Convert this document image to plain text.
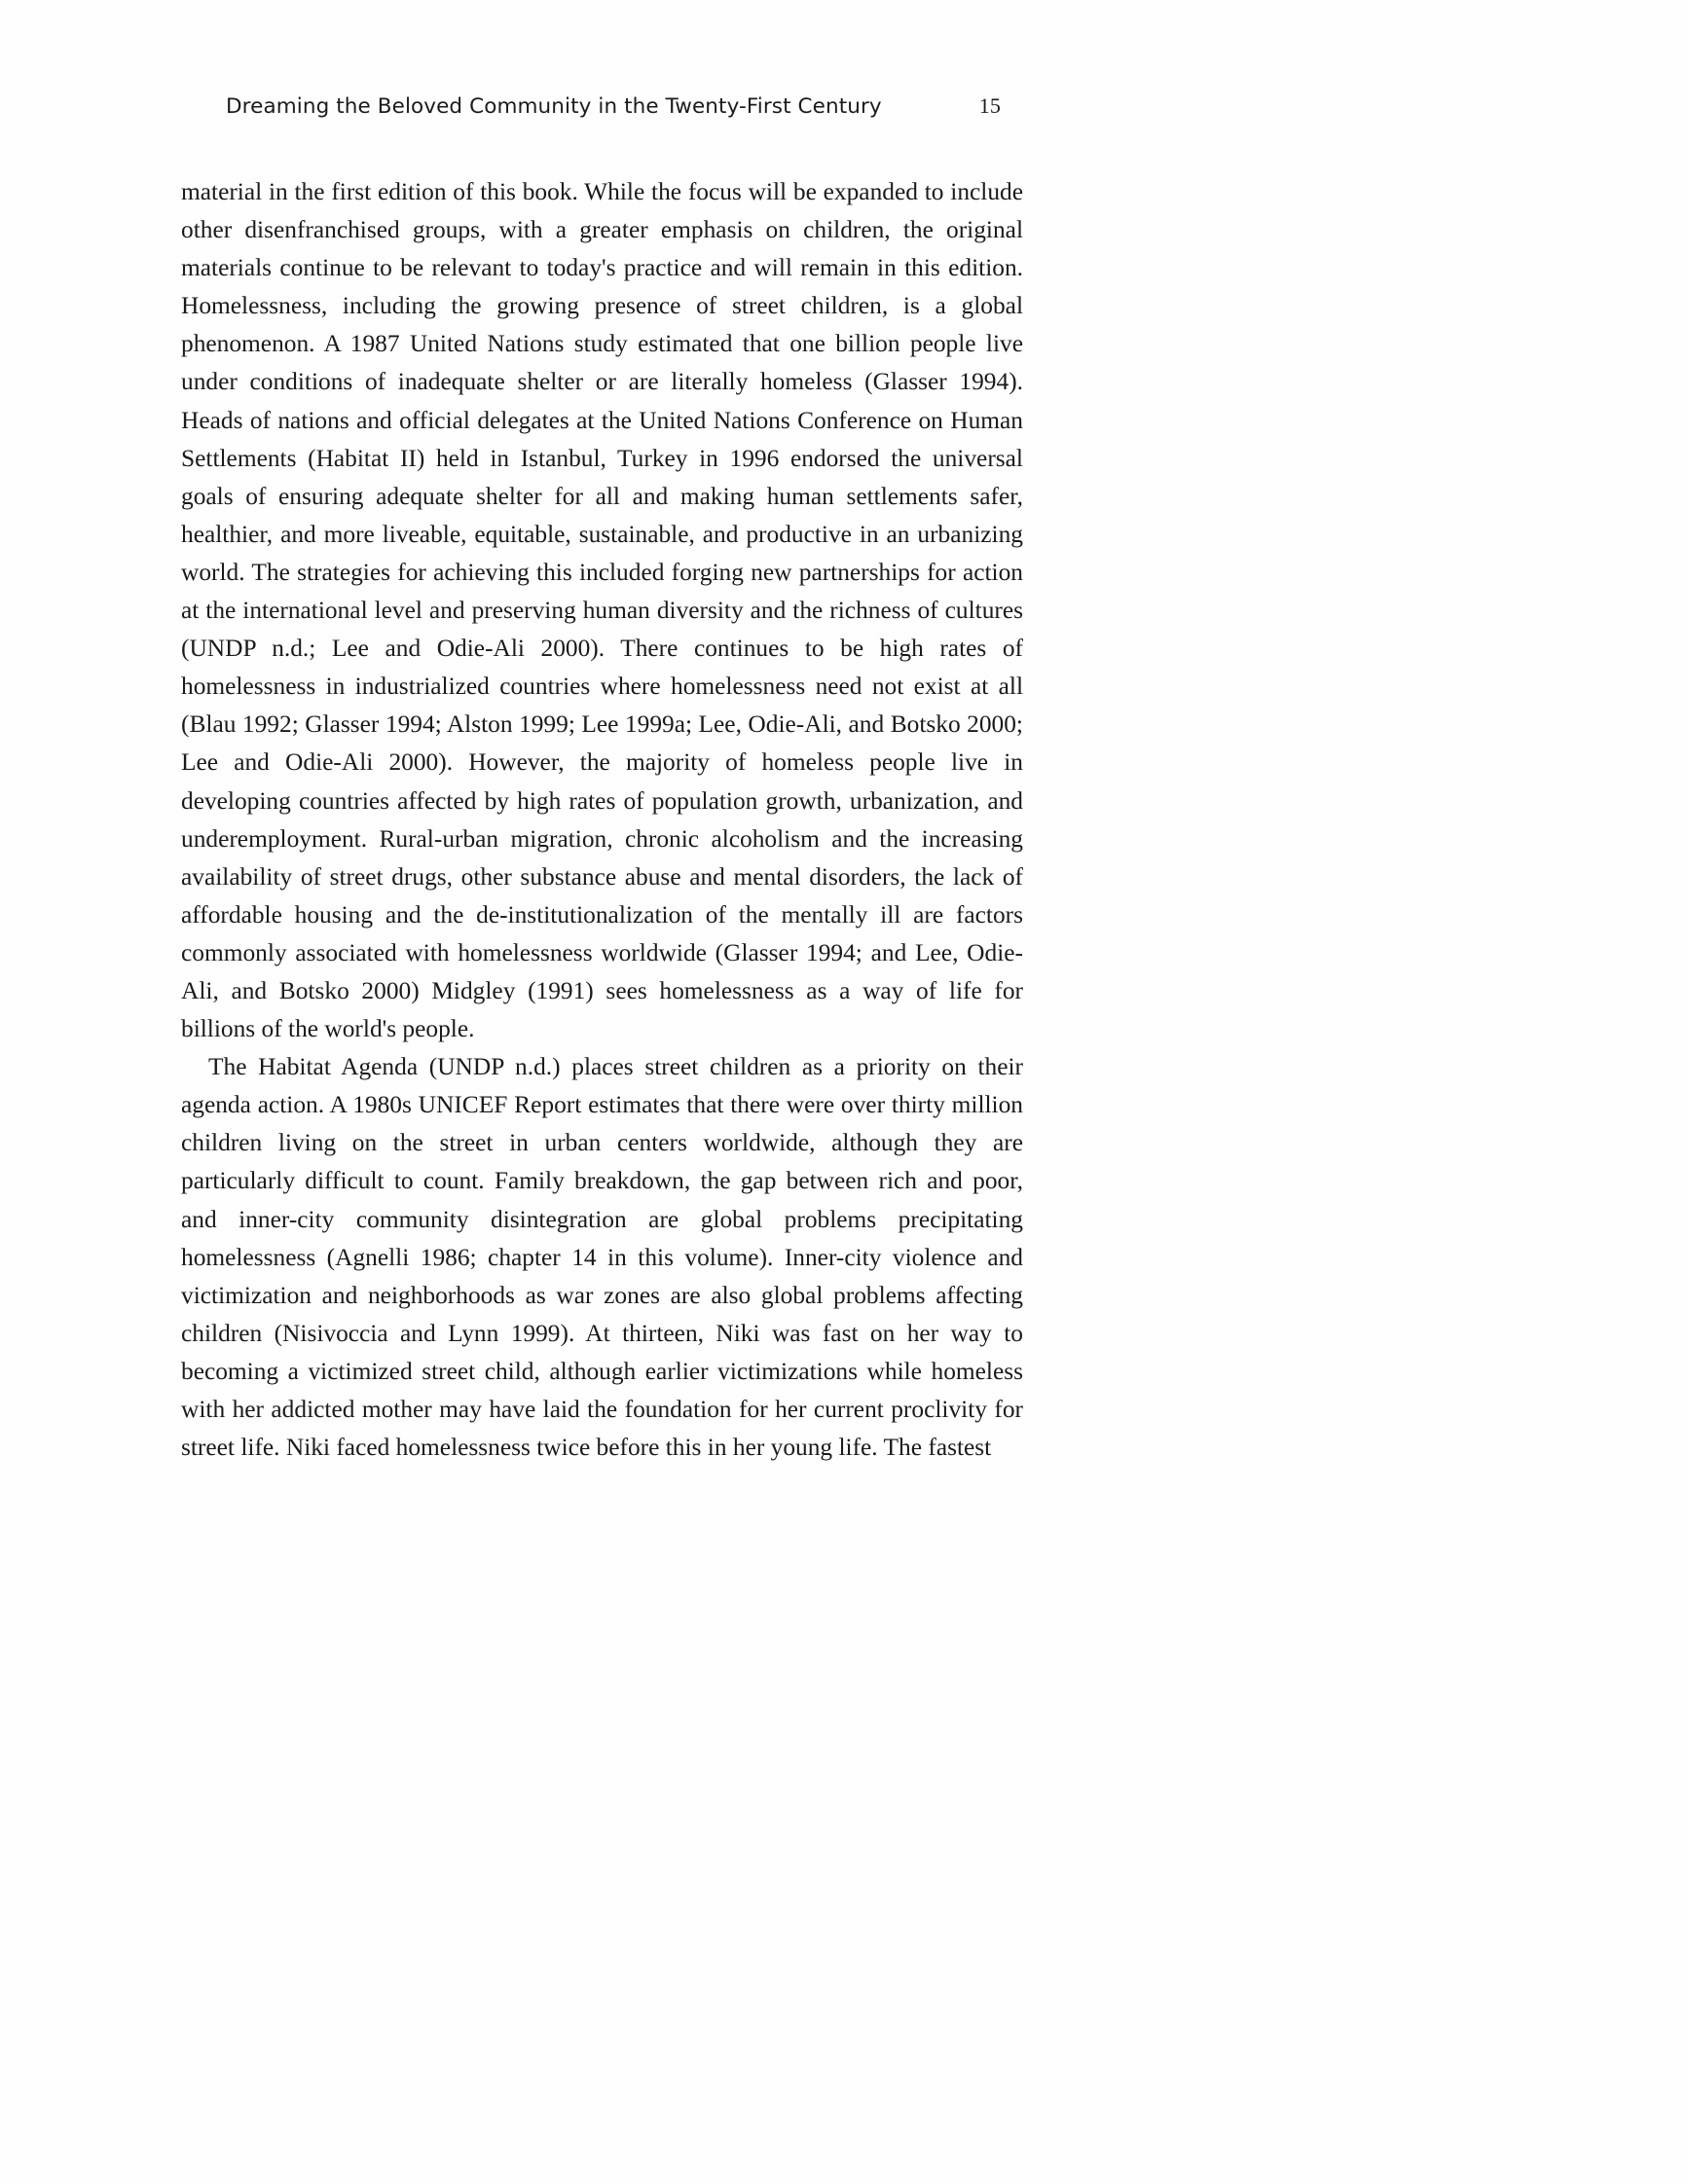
Dreaming the Beloved Community in the Twenty-First Century	15

material in the first edition of this book. While the focus will be expanded to include other disenfranchised groups, with a greater emphasis on children, the original materials continue to be relevant to today's practice and will remain in this edition. Homelessness, including the growing presence of street children, is a global phenomenon. A 1987 United Nations study estimated that one billion people live under conditions of inadequate shelter or are literally homeless (Glasser 1994). Heads of nations and official delegates at the United Nations Conference on Human Settlements (Habitat II) held in Istanbul, Turkey in 1996 endorsed the universal goals of ensuring adequate shelter for all and making human settlements safer, healthier, and more liveable, equitable, sustainable, and productive in an urbanizing world. The strategies for achieving this included forging new partnerships for action at the international level and preserving human diversity and the richness of cultures (UNDP n.d.; Lee and Odie-Ali 2000). There continues to be high rates of homelessness in industrialized countries where homelessness need not exist at all (Blau 1992; Glasser 1994; Alston 1999; Lee 1999a; Lee, Odie-Ali, and Botsko 2000; Lee and Odie-Ali 2000). However, the majority of homeless people live in developing countries affected by high rates of population growth, urbanization, and underemployment. Rural-urban migration, chronic alcoholism and the increasing availability of street drugs, other substance abuse and mental disorders, the lack of affordable housing and the de-institutionalization of the mentally ill are factors commonly associated with homelessness worldwide (Glasser 1994; and Lee, Odie-Ali, and Botsko 2000) Midgley (1991) sees homelessness as a way of life for billions of the world's people.

The Habitat Agenda (UNDP n.d.) places street children as a priority on their agenda action. A 1980s UNICEF Report estimates that there were over thirty million children living on the street in urban centers worldwide, although they are particularly difficult to count. Family breakdown, the gap between rich and poor, and inner-city community disintegration are global problems precipitating homelessness (Agnelli 1986; chapter 14 in this volume). Inner-city violence and victimization and neighborhoods as war zones are also global problems affecting children (Nisivoccia and Lynn 1999). At thirteen, Niki was fast on her way to becoming a victimized street child, although earlier victimizations while homeless with her addicted mother may have laid the foundation for her current proclivity for street life. Niki faced homelessness twice before this in her young life. The fastest
